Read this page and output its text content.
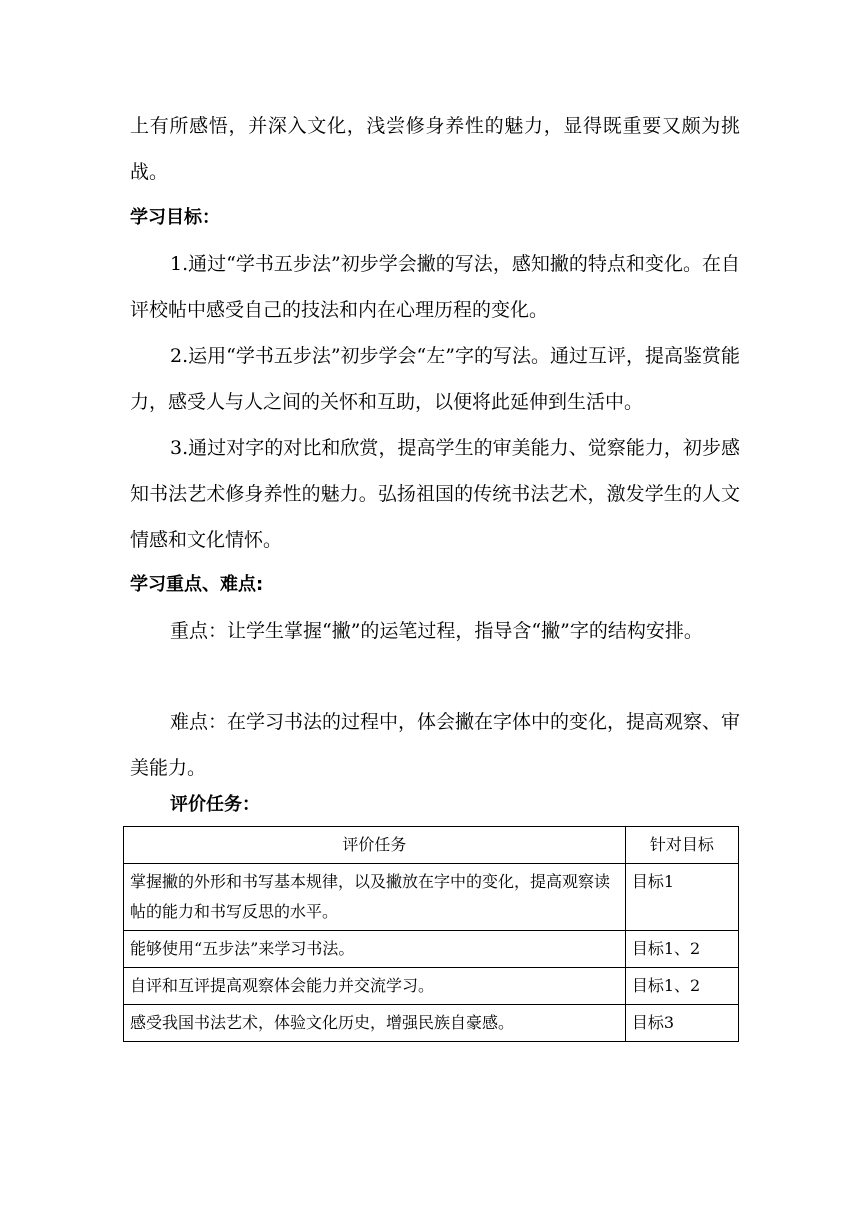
上有所感悟，并深入文化，浅尝修身养性的魅力，显得既重要又颇为挑战。

学习目标：

1.通过“学书五步法”初步学会撇的写法，感知撇的特点和变化。在自评校帖中感受自己的技法和内在心理历程的变化。

2.运用“学书五步法”初步学会“左”字的写法。通过互评，提高鉴赏能力，感受人与人之间的关怀和互助，以便将此延伸到生活中。

3.通过对字的对比和欣赏，提高学生的审美能力、觉察能力，初步感知书法艺术修身养性的魅力。弘扬祖国的传统书法艺术，激发学生的人文情感和文化情怀。

学习重点、难点:

重点：让学生掌握“撇”的运笔过程，指导含“撇”字的结构安排。

难点：在学习书法的过程中，体会撇在字体中的变化，提高观察、审美能力。

评价任务：

评价任务	针对目标
掌握撇的外形和书写基本规律，以及撇放在字中的变化，提高观察读帖的能力和书写反思的水平。	目标1
能够使用“五步法”来学习书法。	目标1、2
自评和互评提高观察体会能力并交流学习。	目标1、2
感受我国书法艺术，体验文化历史，增强民族自豪感。	目标3
